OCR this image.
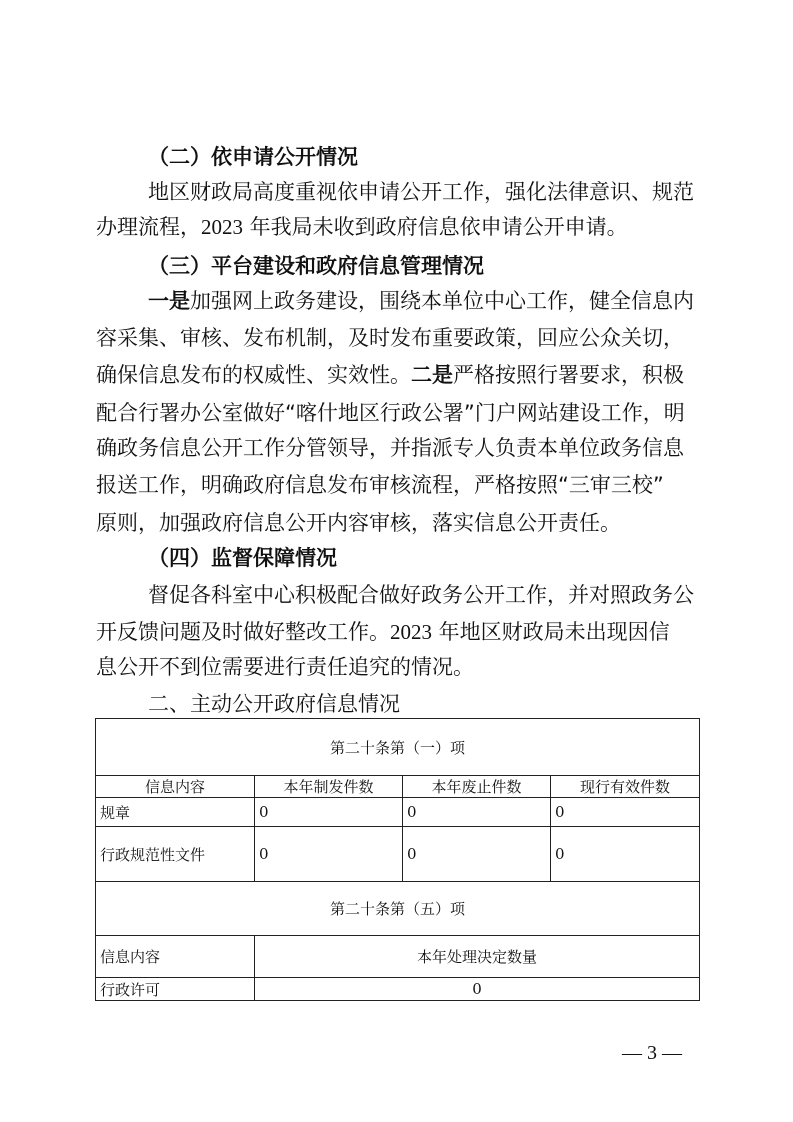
（二）依申请公开情况
地区财政局高度重视依申请公开工作，强化法律意识、规范
办理流程，2023 年我局未收到政府信息依申请公开申请。
（三）平台建设和政府信息管理情况
一是加强网上政务建设，围绕本单位中心工作，健全信息内
容采集、审核、发布机制，及时发布重要政策，回应公众关切，
确保信息发布的权威性、实效性。二是严格按照行署要求，积极
配合行署办公室做好“喀什地区行政公署”门户网站建设工作，明
确政务信息公开工作分管领导，并指派专人负责本单位政务信息
报送工作，明确政府信息发布审核流程，严格按照“三审三校”
原则，加强政府信息公开内容审核，落实信息公开责任。
（四）监督保障情况
督促各科室中心积极配合做好政务公开工作，并对照政务公
开反馈问题及时做好整改工作。2023 年地区财政局未出现因信
息公开不到位需要进行责任追究的情况。
二、主动公开政府信息情况
第二十条第（一）项			
信息内容	本年制发件数	本年废止件数	现行有效件数
规章	0	0	0
行政规范性文件	0	0	0
第二十条第（五）项			
信息内容	本年处理决定数量		
行政许可	0		
— 3 —
